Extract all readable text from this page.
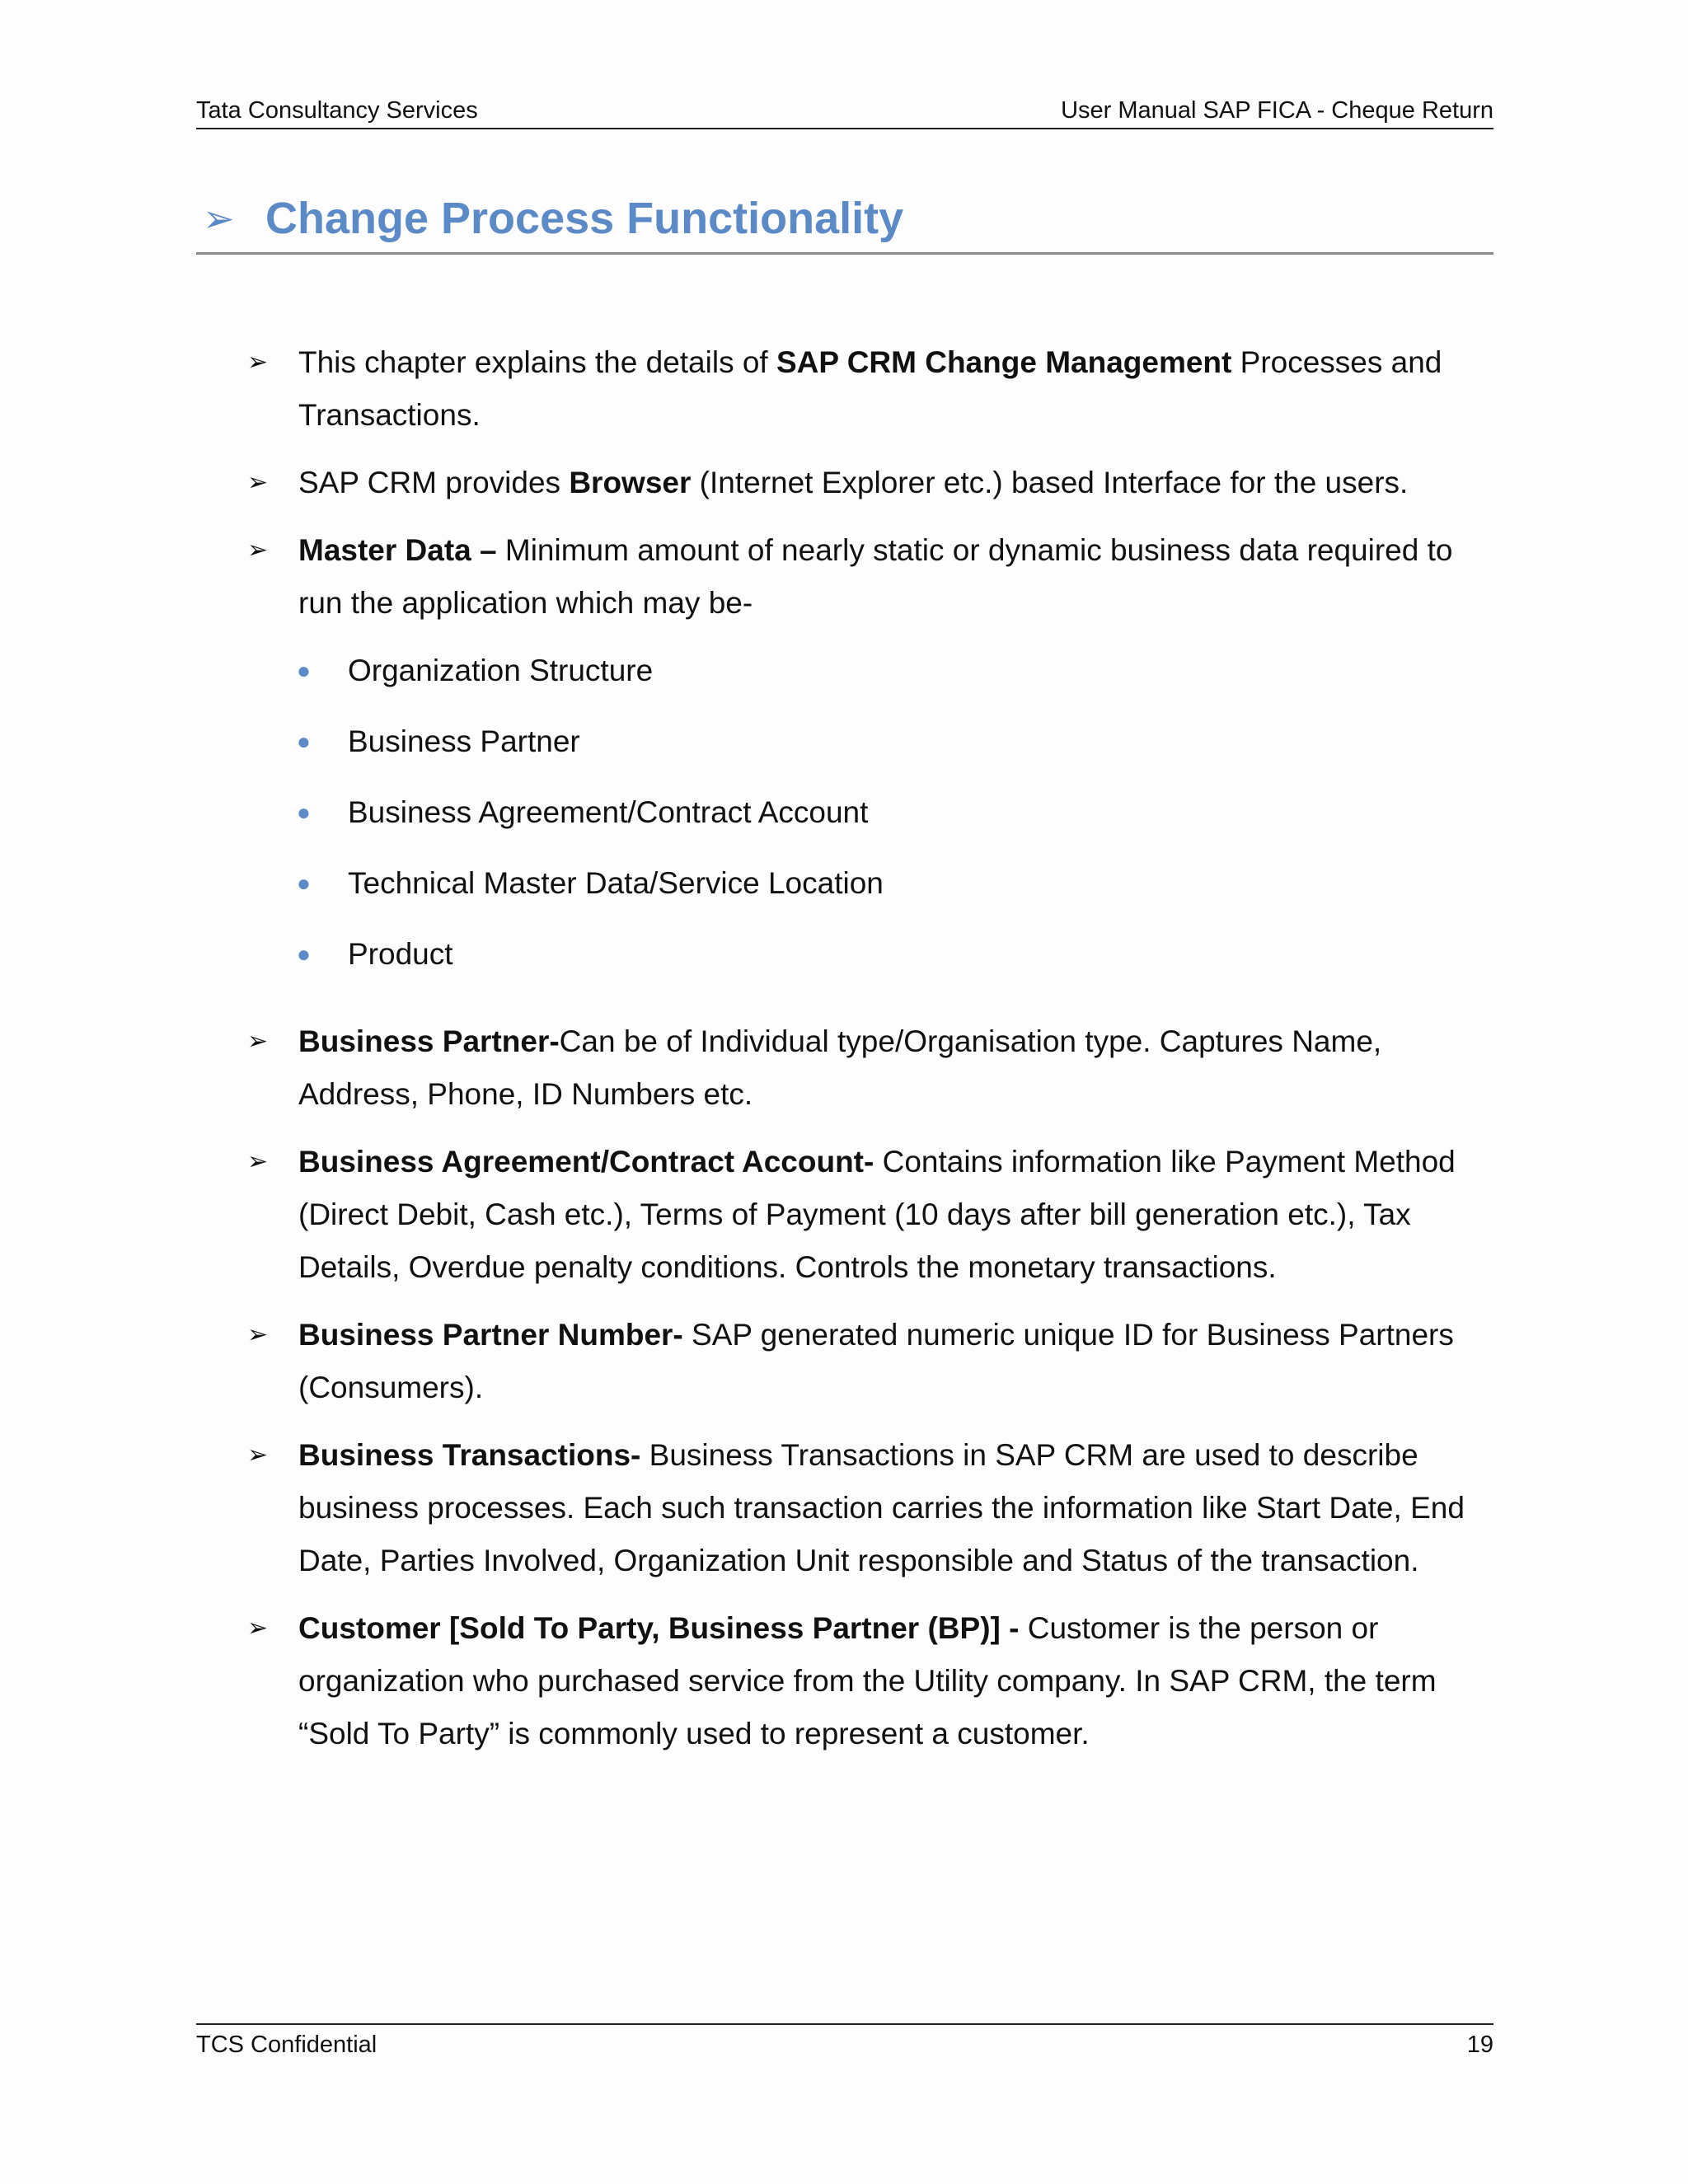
Tata Consultancy Services	User Manual SAP FICA - Cheque Return
➢ Change Process Functionality
➢ This chapter explains the details of SAP CRM Change Management Processes and Transactions.
➢ SAP CRM provides Browser (Internet Explorer etc.) based Interface for the users.
➢ Master Data – Minimum amount of nearly static or dynamic business data required to run the application which may be-
●	Organization Structure
●	Business Partner
●	Business Agreement/Contract Account
●	Technical Master Data/Service Location
●	Product
➢ Business Partner-Can be of Individual type/Organisation type. Captures Name, Address, Phone, ID Numbers etc.
➢ Business Agreement/Contract Account- Contains information like Payment Method (Direct Debit, Cash etc.), Terms of Payment (10 days after bill generation etc.), Tax Details, Overdue penalty conditions. Controls the monetary transactions.
➢ Business Partner Number- SAP generated numeric unique ID for Business Partners (Consumers).
➢ Business Transactions- Business Transactions in SAP CRM are used to describe business processes. Each such transaction carries the information like Start Date, End Date, Parties Involved, Organization Unit responsible and Status of the transaction.
➢ Customer [Sold To Party, Business Partner (BP)] - Customer is the person or organization who purchased service from the Utility company. In SAP CRM, the term “Sold To Party” is commonly used to represent a customer.
TCS Confidential	19
